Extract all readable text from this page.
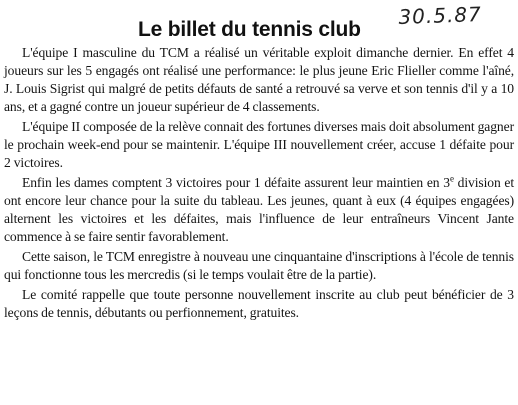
Le billet du tennis club
30.5.87

L'équipe I masculine du TCM a réalisé un véritable exploit dimanche dernier. En effet 4 joueurs sur les 5 engagés ont réalisé une performance: le plus jeune Eric Flieller comme l'aîné, J. Louis Sigrist qui malgré de petits défauts de santé a retrouvé sa verve et son tennis d'il y a 10 ans, et a gagné contre un joueur supérieur de 4 classements.

L'équipe II composée de la relève connait des fortunes diverses mais doit absolument gagner le prochain week-end pour se maintenir. L'équipe III nouvellement créer, accuse 1 défaite pour 2 victoires.

Enfin les dames comptent 3 victoires pour 1 défaite assurent leur maintien en 3e division et ont encore leur chance pour la suite du tableau. Les jeunes, quant à eux (4 équipes engagées) alternent les victoires et les défaites, mais l'influence de leur entraîneurs Vincent Jante commence à se faire sentir favorablement.

Cette saison, le TCM enregistre à nouveau une cinquantaine d'inscriptions à l'école de tennis qui fonctionne tous les mercredis (si le temps voulait être de la partie).

Le comité rappelle que toute personne nouvellement inscrite au club peut bénéficier de 3 leçons de tennis, débutants ou perfionnement, gratuites.
